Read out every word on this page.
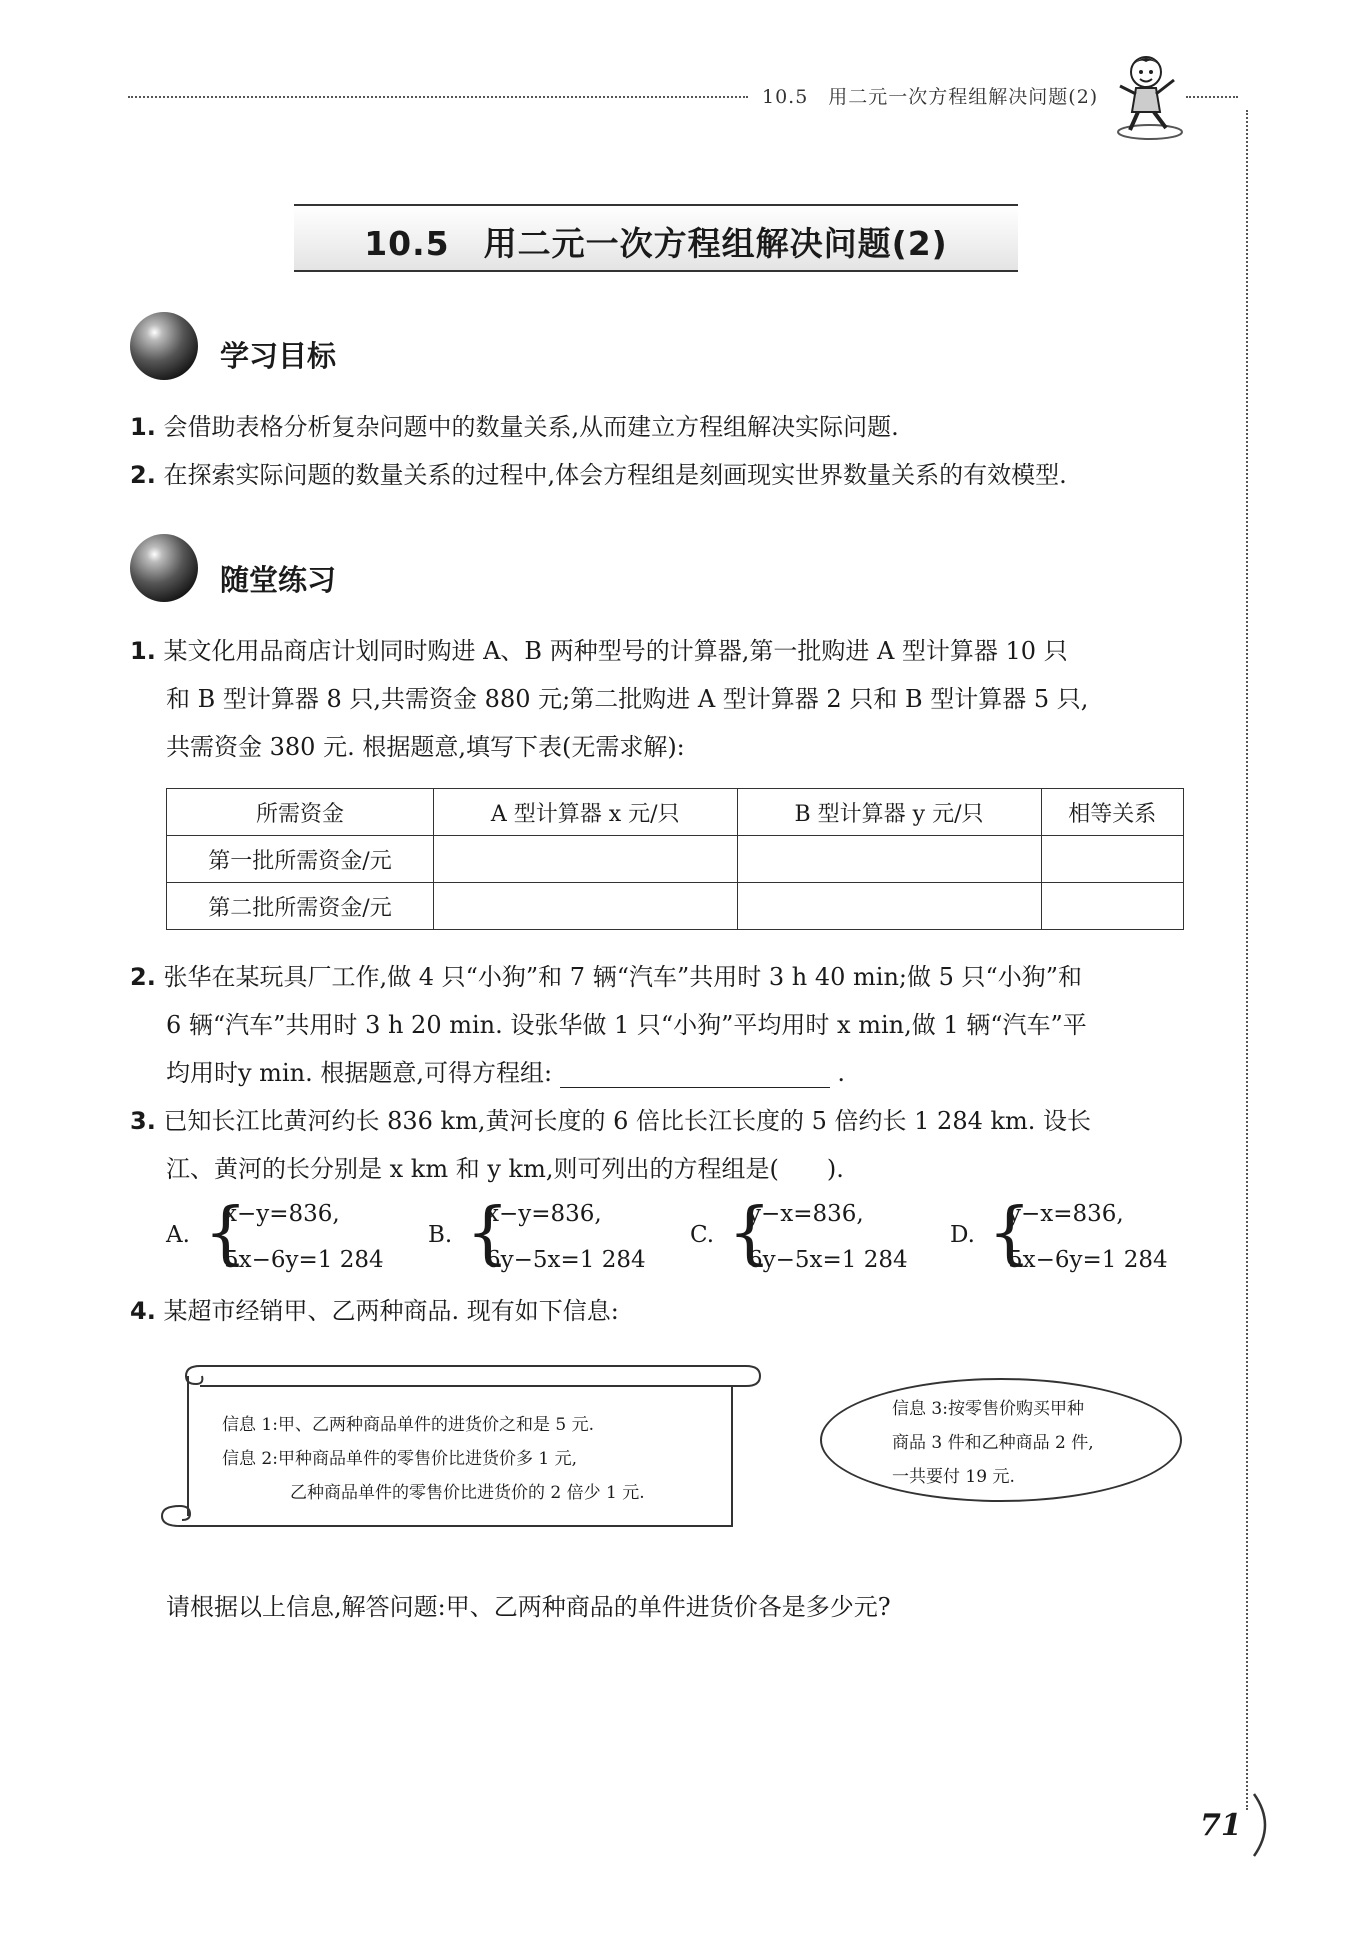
10.5　用二元一次方程组解决问题(2)
10.5　用二元一次方程组解决问题(2)
学习目标
1. 会借助表格分析复杂问题中的数量关系,从而建立方程组解决实际问题.
2. 在探索实际问题的数量关系的过程中,体会方程组是刻画现实世界数量关系的有效模型.
随堂练习
1. 某文化用品商店计划同时购进 A、B 两种型号的计算器,第一批购进 A 型计算器 10 只
和 B 型计算器 8 只,共需资金 880 元;第二批购进 A 型计算器 2 只和 B 型计算器 5 只,
共需资金 380 元. 根据题意,填写下表(无需求解):
所需资金	A 型计算器 x 元/只	B 型计算器 y 元/只	相等关系
第一批所需资金/元			
第二批所需资金/元			
2. 张华在某玩具厂工作,做 4 只“小狗”和 7 辆“汽车”共用时 3 h 40 min;做 5 只“小狗”和
6 辆“汽车”共用时 3 h 20 min. 设张华做 1 只“小狗”平均用时 x min,做 1 辆“汽车”平
均用时y min. 根据题意,可得方程组:	.
3. 已知长江比黄河约长 836 km,黄河长度的 6 倍比长江长度的 5 倍约长 1 284 km. 设长
江、黄河的长分别是 x km 和 y km,则可列出的方程组是(　　).
A. {
x−y=836,
5x−6y=1 284
B. {
x−y=836,
6y−5x=1 284
C. {
y−x=836,
6y−5x=1 284
D. {
y−x=836,
5x−6y=1 284
4. 某超市经销甲、乙两种商品. 现有如下信息:
信息 1:甲、乙两种商品单件的进货价之和是 5 元.
信息 2:甲种商品单件的零售价比进货价多 1 元,
乙种商品单件的零售价比进货价的 2 倍少 1 元.
信息 3:按零售价购买甲种
商品 3 件和乙种商品 2 件,
一共要付 19 元.
请根据以上信息,解答问题:甲、乙两种商品的单件进货价各是多少元?
71
